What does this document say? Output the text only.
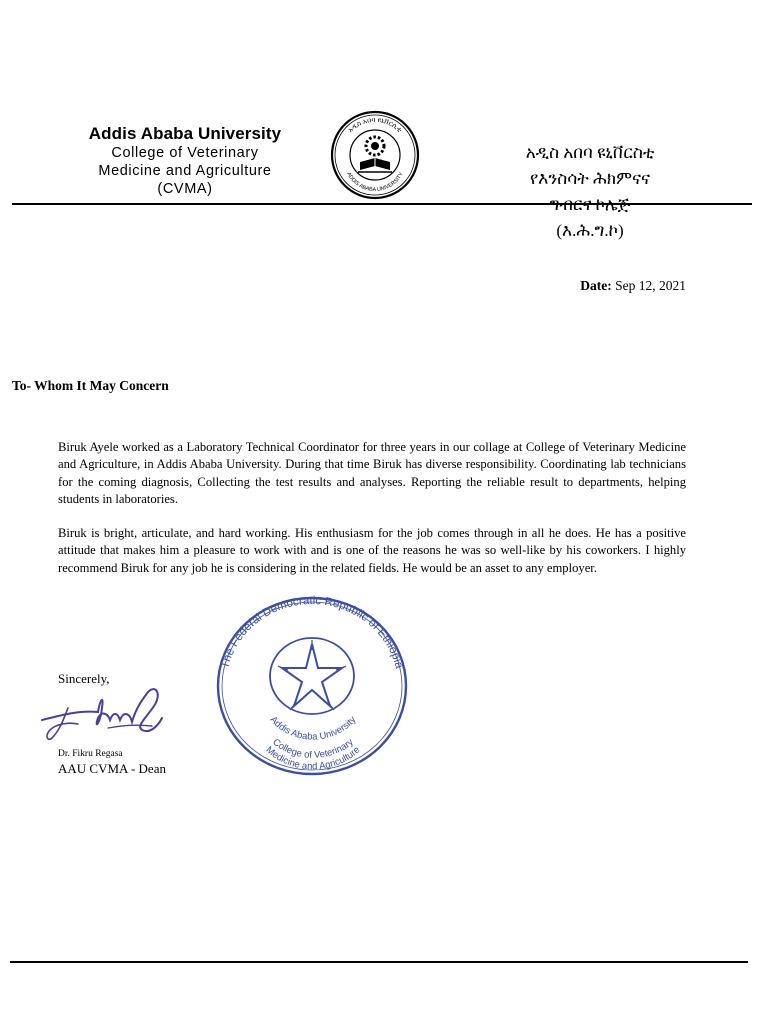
Addis Ababa University
College of Veterinary
Medicine and Agriculture
(CVMA)
አዲስ አበባ ዩኒቨርሲቲ
ADDIS ABABA UNIVERSITY
አዲስ አበባ ዩኒቨርስቲ
የእንስሳት ሕክምናና
ግብርና ኮሌጅ
(እ.ሕ.ግ.ኮ)
Date: Sep 12, 2021
To- Whom It May Concern
Biruk Ayele worked as a Laboratory Technical Coordinator for three years in our collage at College of Veterinary Medicine and Agriculture, in Addis Ababa University. During that time Biruk has diverse responsibility. Coordinating lab technicians for the coming diagnosis, Collecting the test results and analyses. Reporting the reliable result to departments, helping students in laboratories.
Biruk is bright, articulate, and hard working. His enthusiasm for the job comes through in all he does. He has a positive attitude that makes him a pleasure to work with and is one of the reasons he was so well-like by his coworkers. I highly recommend Biruk for any job he is considering in the related fields. He would be an asset to any employer.
Sincerely,
Dr. Fikru Regasa
AAU CVMA - Dean
The Federal Democratic Republic of Ethiopia
Addis Ababa University
College of Veterinary
Medicine and Agriculture
